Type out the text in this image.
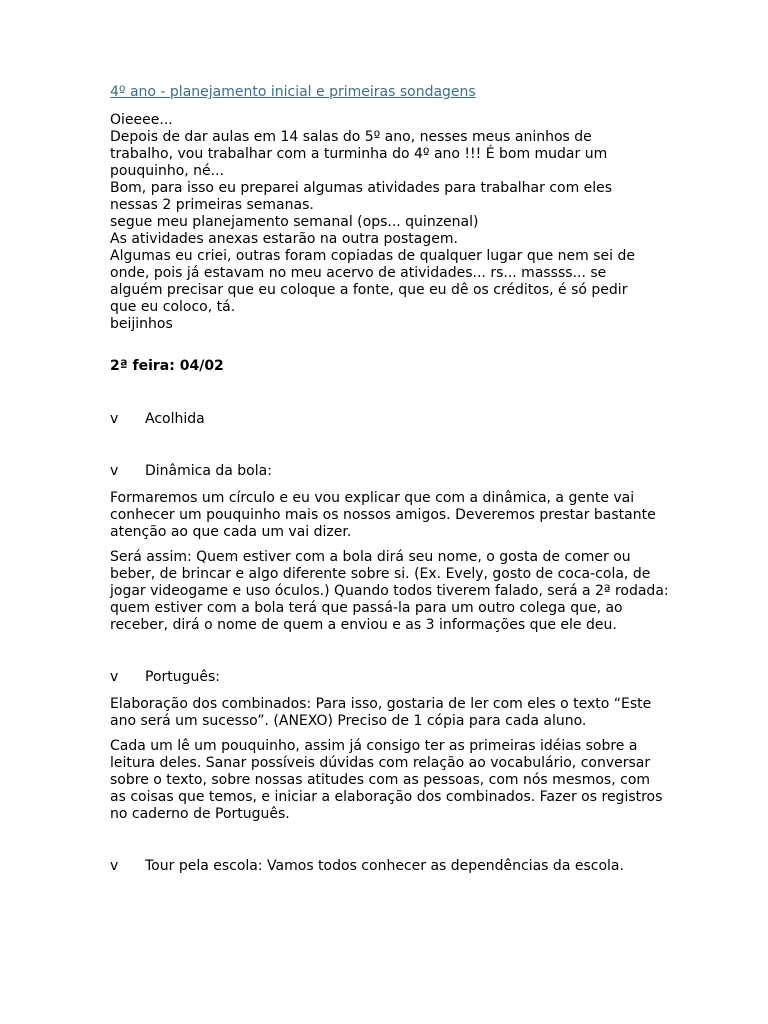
4º ano - planejamento inicial e primeiras sondagens
Oieeee...
Depois de dar aulas em 14 salas do 5º ano, nesses meus aninhos de
trabalho, vou trabalhar com a turminha do 4º ano !!! É bom mudar um
pouquinho, né...
Bom, para isso eu preparei algumas atividades para trabalhar com eles
nessas 2 primeiras semanas.
segue meu planejamento semanal (ops... quinzenal)
As atividades anexas estarão na outra postagem.
Algumas eu criei, outras foram copiadas de qualquer lugar que nem sei de
onde, pois já estavam no meu acervo de atividades... rs... massss... se
alguém precisar que eu coloque a fonte, que eu dê os créditos, é só pedir
que eu coloco, tá.
beijinhos
2ª feira: 04/02
v	Acolhida
v	Dinâmica da bola:

Formaremos um círculo e eu vou explicar que com a dinâmica, a gente vai conhecer um pouquinho mais os nossos amigos. Deveremos prestar bastante atenção ao que cada um vai dizer.

Será assim: Quem estiver com a bola dirá seu nome, o gosta de comer ou beber, de brincar e algo diferente sobre si. (Ex. Evely, gosto de coca-cola, de jogar videogame e uso óculos.) Quando todos tiverem falado, será a 2ª rodada: quem estiver com a bola terá que passá-la para um outro colega que, ao receber, dirá o nome de quem a enviou e as 3 informações que ele deu.

v	Português:

Elaboração dos combinados: Para isso, gostaria de ler com eles o texto “Este ano será um sucesso”. (ANEXO) Preciso de 1 cópia para cada aluno.

Cada um lê um pouquinho, assim já consigo ter as primeiras idéias sobre a leitura deles. Sanar possíveis dúvidas com relação ao vocabulário, conversar sobre o texto, sobre nossas atitudes com as pessoas, com nós mesmos, com as coisas que temos, e iniciar a elaboração dos combinados. Fazer os registros no caderno de Português.

v	Tour pela escola: Vamos todos conhecer as dependências da escola.
